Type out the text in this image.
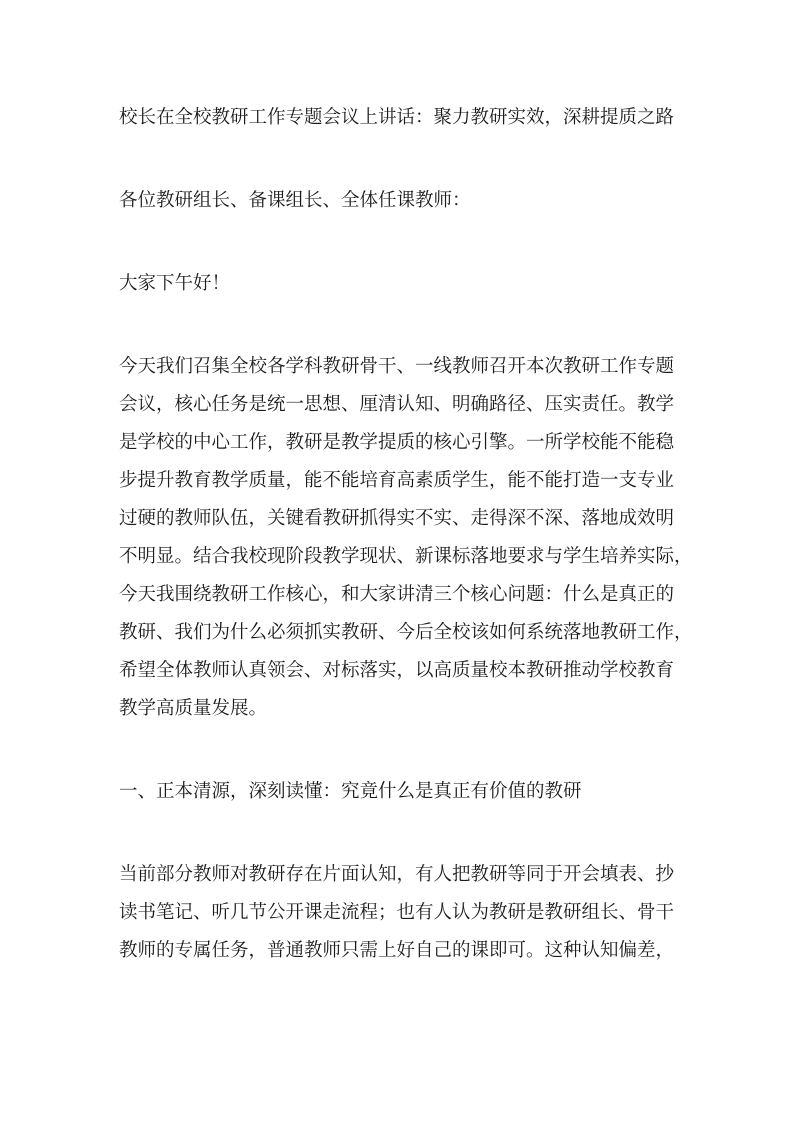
校长在全校教研工作专题会议上讲话：聚力教研实效，深耕提质之路
各位教研组长、备课组长、全体任课教师：
大家下午好！
今天我们召集全校各学科教研骨干、一线教师召开本次教研工作专题
会议，核心任务是统一思想、厘清认知、明确路径、压实责任。教学
是学校的中心工作，教研是教学提质的核心引擎。一所学校能不能稳
步提升教育教学质量，能不能培育高素质学生，能不能打造一支专业
过硬的教师队伍，关键看教研抓得实不实、走得深不深、落地成效明
不明显。结合我校现阶段教学现状、新课标落地要求与学生培养实际，
今天我围绕教研工作核心，和大家讲清三个核心问题：什么是真正的
教研、我们为什么必须抓实教研、今后全校该如何系统落地教研工作，
希望全体教师认真领会、对标落实，以高质量校本教研推动学校教育
教学高质量发展。
一、正本清源，深刻读懂：究竟什么是真正有价值的教研
当前部分教师对教研存在片面认知，有人把教研等同于开会填表、抄
读书笔记、听几节公开课走流程；也有人认为教研是教研组长、骨干
教师的专属任务，普通教师只需上好自己的课即可。这种认知偏差，
